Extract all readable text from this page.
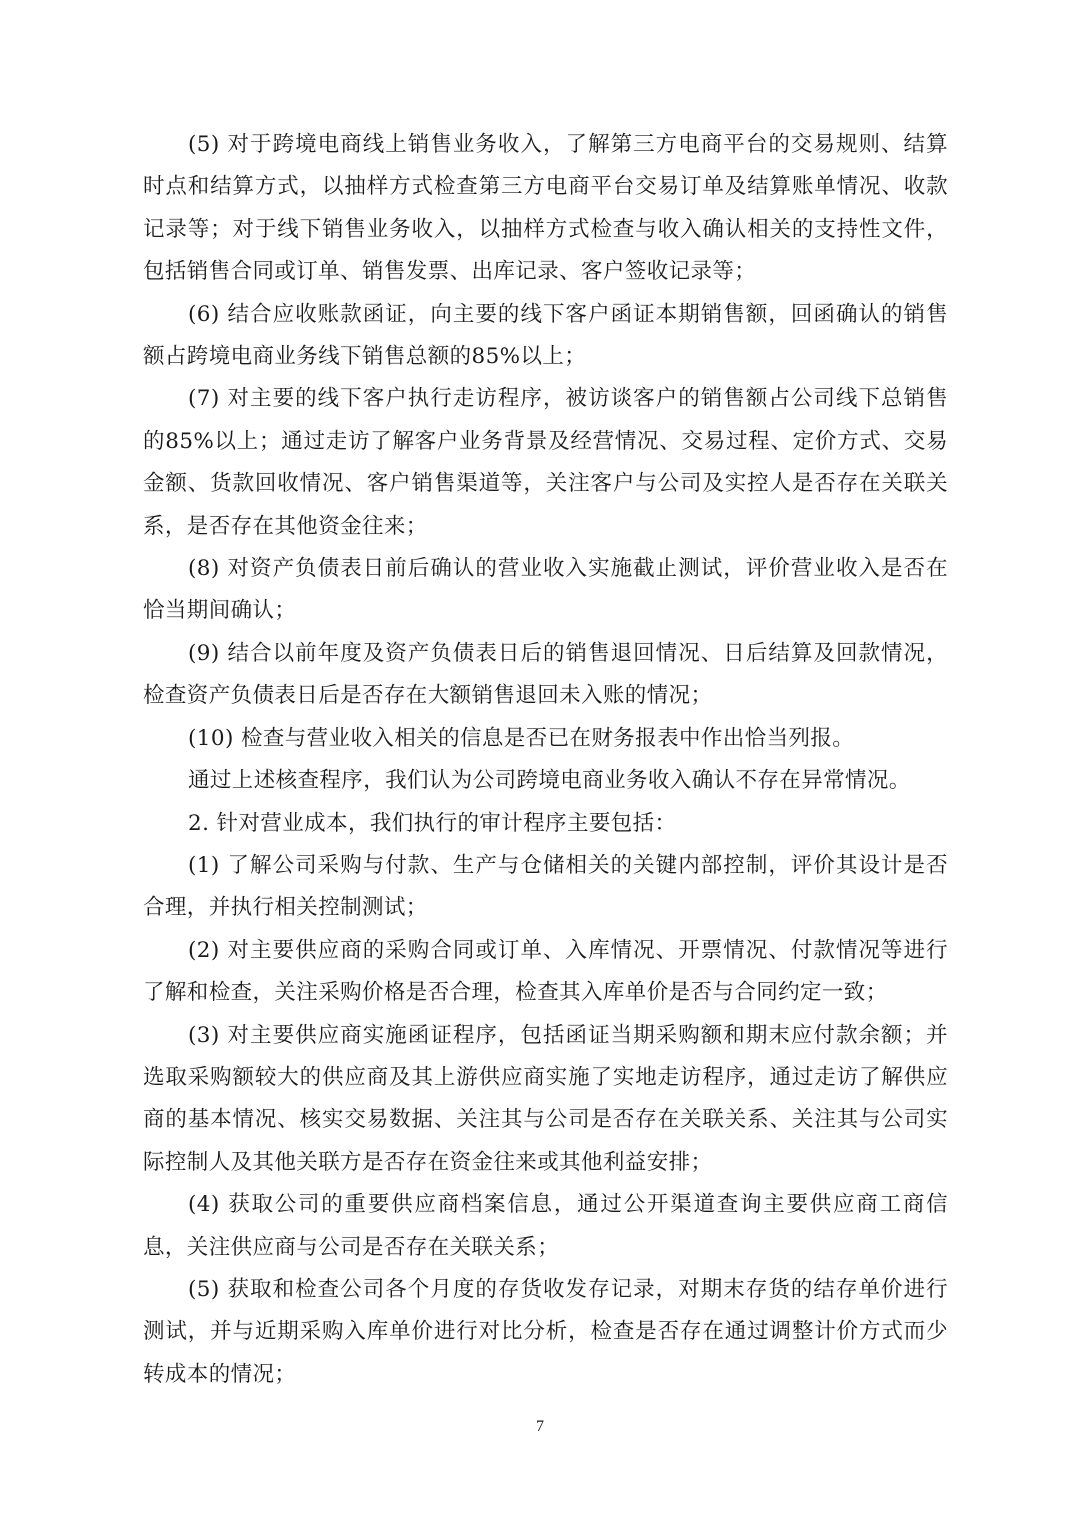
(5) 对于跨境电商线上销售业务收入，了解第三方电商平台的交易规则、结算时点和结算方式，以抽样方式检查第三方电商平台交易订单及结算账单情况、收款记录等；对于线下销售业务收入，以抽样方式检查与收入确认相关的支持性文件，包括销售合同或订单、销售发票、出库记录、客户签收记录等；

(6) 结合应收账款函证，向主要的线下客户函证本期销售额，回函确认的销售额占跨境电商业务线下销售总额的85%以上；

(7) 对主要的线下客户执行走访程序，被访谈客户的销售额占公司线下总销售的85%以上；通过走访了解客户业务背景及经营情况、交易过程、定价方式、交易金额、货款回收情况、客户销售渠道等，关注客户与公司及实控人是否存在关联关系，是否存在其他资金往来；

(8) 对资产负债表日前后确认的营业收入实施截止测试，评价营业收入是否在恰当期间确认；

(9) 结合以前年度及资产负债表日后的销售退回情况、日后结算及回款情况，检查资产负债表日后是否存在大额销售退回未入账的情况；

(10) 检查与营业收入相关的信息是否已在财务报表中作出恰当列报。

通过上述核查程序，我们认为公司跨境电商业务收入确认不存在异常情况。

2. 针对营业成本，我们执行的审计程序主要包括：

(1) 了解公司采购与付款、生产与仓储相关的关键内部控制，评价其设计是否合理，并执行相关控制测试；

(2) 对主要供应商的采购合同或订单、入库情况、开票情况、付款情况等进行了解和检查，关注采购价格是否合理，检查其入库单价是否与合同约定一致；

(3) 对主要供应商实施函证程序，包括函证当期采购额和期末应付款余额；并选取采购额较大的供应商及其上游供应商实施了实地走访程序，通过走访了解供应商的基本情况、核实交易数据、关注其与公司是否存在关联关系、关注其与公司实际控制人及其他关联方是否存在资金往来或其他利益安排；

(4) 获取公司的重要供应商档案信息，通过公开渠道查询主要供应商工商信息，关注供应商与公司是否存在关联关系；

(5) 获取和检查公司各个月度的存货收发存记录，对期末存货的结存单价进行测试，并与近期采购入库单价进行对比分析，检查是否存在通过调整计价方式而少转成本的情况；

7
